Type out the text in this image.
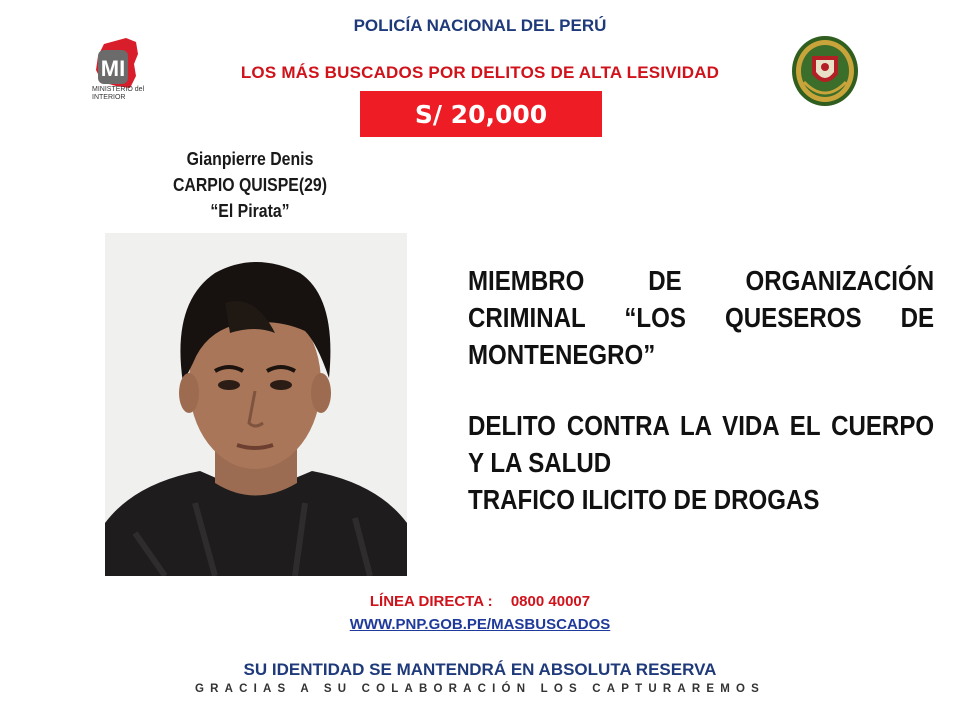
POLICÍA NACIONAL DEL PERÚ
MI
MINISTERIO del INTERIOR
LOS MÁS BUSCADOS POR DELITOS DE ALTA LESIVIDAD
S/ 20,000
Gianpierre Denis
CARPIO QUISPE(29)
“El Pirata”

MIEMBRO DE ORGANIZACIÓN CRIMINAL “LOS QUESEROS DE MONTENEGRO”

DELITO CONTRA LA VIDA EL CUERPO Y LA SALUD

TRAFICO ILICITO DE DROGAS

LÍNEA DIRECTA : 0800 40007
WWW.PNP.GOB.PE/MASBUSCADOS
SU IDENTIDAD SE MANTENDRÁ EN ABSOLUTA RESERVA
GRACIAS A SU COLABORACIÓN LOS CAPTURAREMOS
